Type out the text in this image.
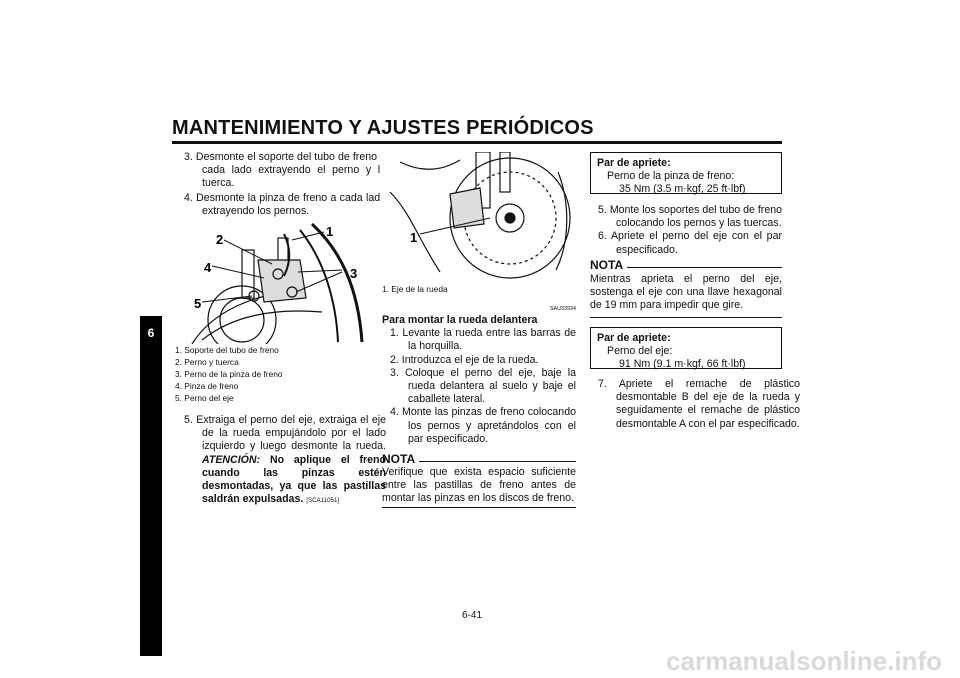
MANTENIMIENTO Y AJUSTES PERIÓDICOS
6
3. Desmonte el soporte del tubo de freno a cada lado extrayendo el perno y la tuerca.
4. Desmonte la pinza de freno a cada lado extrayendo los pernos.
1
2
3
4
5
1. Soporte del tubo de freno
2. Perno y tuerca
3. Perno de la pinza de freno
4. Pinza de freno
5. Perno del eje
5. Extraiga el perno del eje, extraiga el eje de la rueda empujándolo por el lado izquierdo y luego desmonte la rueda. ATENCIÓN: No aplique el freno cuando las pinzas estén desmontadas, ya que las pastillas saldrán expulsadas. [SCA11051]
1
1. Eje de la rueda
SAU33934
Para montar la rueda delantera
1. Levante la rueda entre las barras de la horquilla.
2. Introduzca el eje de la rueda.
3. Coloque el perno del eje, baje la rueda delantera al suelo y baje el caballete lateral.
4. Monte las pinzas de freno colocando los pernos y apretándolos con el par especificado.
NOTA
Verifique que exista espacio suficiente entre las pastillas de freno antes de montar las pinzas en los discos de freno.
Par de apriete:
Perno de la pinza de freno:
35 Nm (3.5 m·kgf, 25 ft·lbf)
5. Monte los soportes del tubo de freno colocando los pernos y las tuercas.
6. Apriete el perno del eje con el par especificado.
NOTA
Mientras aprieta el perno del eje, sostenga el eje con una llave hexagonal de 19 mm para impedir que gire.
Par de apriete:
Perno del eje:
91 Nm (9.1 m·kgf, 66 ft·lbf)
7. Apriete el remache de plástico desmontable B del eje de la rueda y seguidamente el remache de plástico desmontable A con el par especificado.
6-41
carmanualsonline.info
